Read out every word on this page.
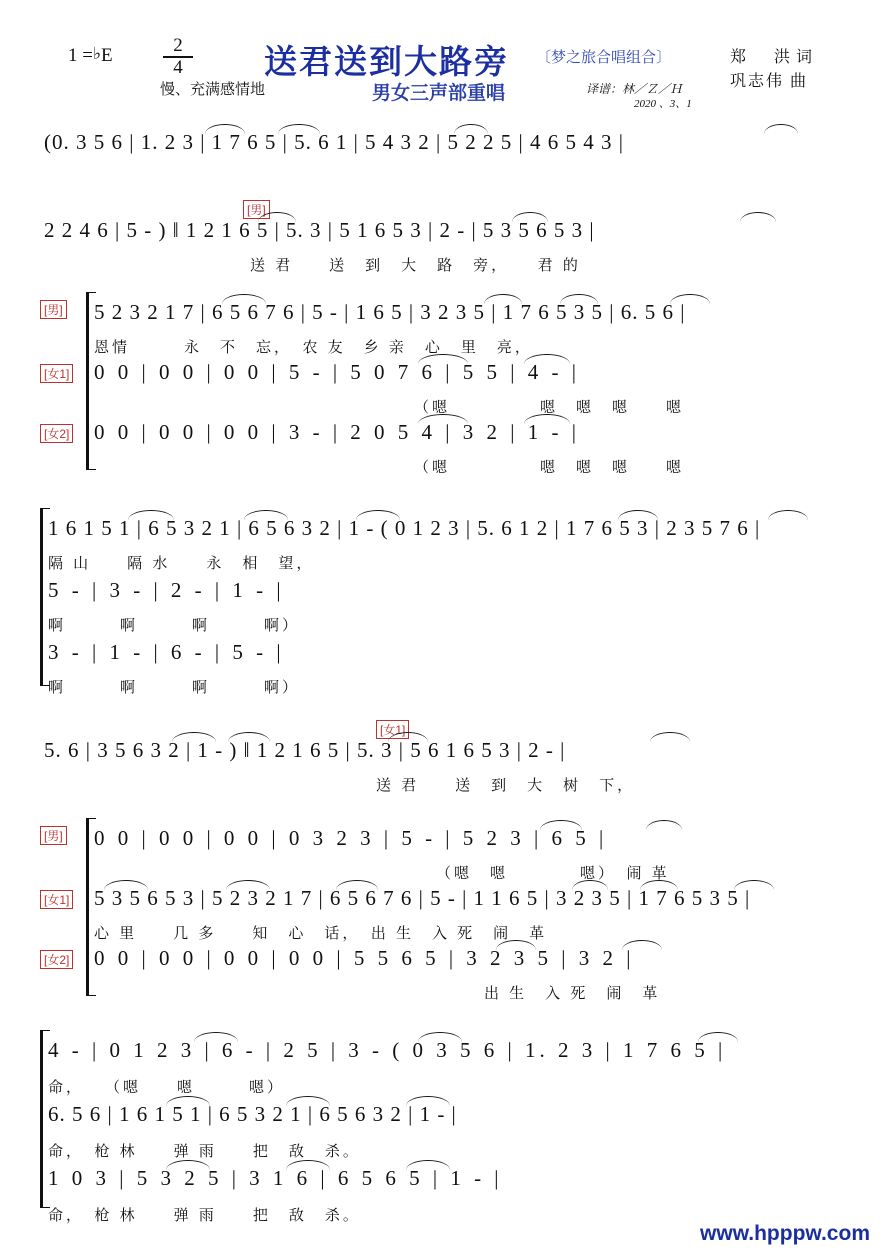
1 =♭E	$\frac{2}{4}$
慢、充满感情地
送君送到大路旁 〔梦之旅合唱组合〕
男女三声部重唱
郑　洪词
巩志伟 曲
译谱：林／Ｚ／Ｈ
2020 、3、1
(0. 3 5 6 | 1. 2 3 | 1 7 6 5 | 5. 6 1 | 5 4 3 2 | 5 2 2 5 | 4 6 5 4 3 |
[男]
2 2 4 6 | 5 - ) ‖ 1 2 1 6 5 | 5. 3 | 5 1 6 5 3 | 2 - | 5 3 5 6 5 3 |
送 君　　送　到　大　路　旁，　　君 的
[男] 5 2 3 2 1 7 | 6 5 6 7 6 | 5 - | 1 6 5 | 3 2 3 5 | 1 7 6 5 3 5 | 6. 5 6 |
恩情　　　永　不　忘，　农 友　乡 亲　心　里　亮，
[女1] 0 0 | 0 0 | 0 0 | 5 - | 5 0 7 6 | 5 5 | 4 - |
（嗯　　　　　嗯　嗯　嗯　　嗯
[女2] 0 0 | 0 0 | 0 0 | 3 - | 2 0 5 4 | 3 2 | 1 - |
（嗯　　　　　嗯　嗯　嗯　　嗯
1 6 1 5 1 | 6 5 3 2 1 | 6 5 6 3 2 | 1 - ( 0 1 2 3 | 5. 6 1 2 | 1 7 6 5 3 | 2 3 5 7 6 |
隔 山　　隔 水　　永　相　望，
5 - | 3 - | 2 - | 1 - |
啊　　　啊　　　啊　　　啊）
3 - | 1 - | 6 - | 5 - |
啊　　　啊　　　啊　　　啊）
[女1]
5. 6 | 3 5 6 3 2 | 1 - ) ‖ 1 2 1 6 5 | 5. 3 | 5 6 1 6 5 3 | 2 - |
送 君　　送　到　大　树　下，
[男] 0 0 | 0 0 | 0 0 | 0 3 2 3 | 5 - | 5 2 3 | 6 5 |
（嗯　嗯　　　　嗯）　闹 革
[女1] 5 3 5 6 5 3 | 5 2 3 2 1 7 | 6 5 6 7 6 | 5 - | 1 1 6 5 | 3 2 3 5 | 1 7 6 5 3 5 |
心 里　　几 多　　知　心　话，　出 生　入 死　闹　革
[女2] 0 0 | 0 0 | 0 0 | 0 0 | 5 5 6 5 | 3 2 3 5 | 3 2 |
出 生　入 死　闹　革
4 - | 0 1 2 3 | 6 - | 2 5 | 3 - ( 0 3 5 6 | 1. 2 3 | 1 7 6 5 |
命，　　（嗯　　嗯　　　嗯）
6. 5 6 | 1 6 1 5 1 | 6 5 3 2 1 | 6 5 6 3 2 | 1 - |
命，　枪 林　　弹 雨　　把　敌　杀。
1 0 3 | 5 3 2 5 | 3 1 6 | 6 5 6 5 | 1 - |
命，　枪 林　　弹 雨　　把　敌　杀。
www.hpppw.com
